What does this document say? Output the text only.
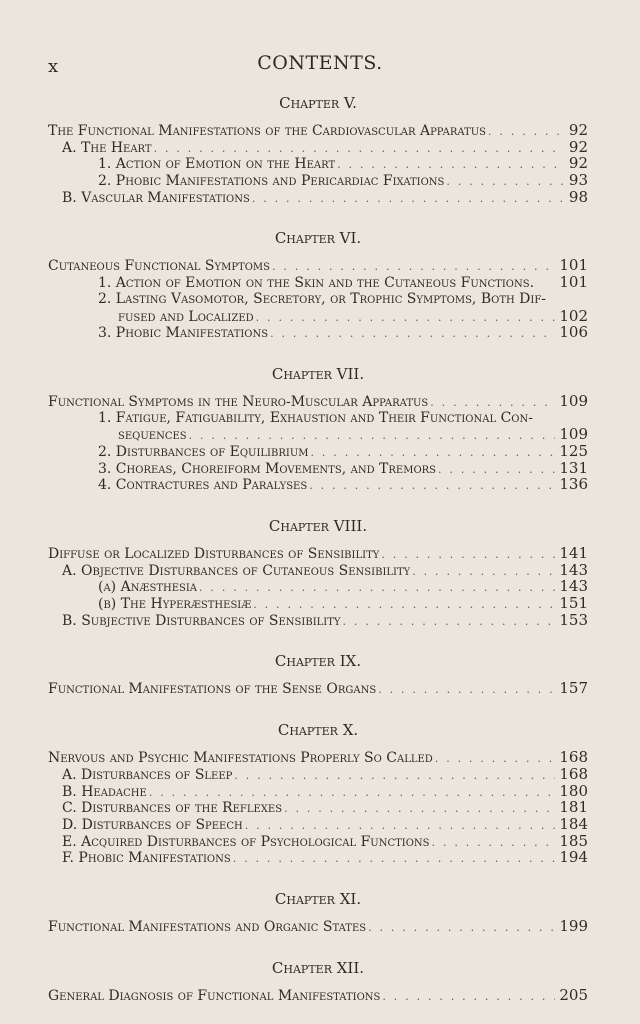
x	CONTENTS.
Chapter V.
The Functional Manifestations of the Cardiovascular Apparatus . . .	92
A. The Heart . . .	92
1. Action of Emotion on the Heart . . .	92
2. Phobic Manifestations and Pericardiac Fixations . . .	93
B. Vascular Manifestations . . .	98
Chapter VI.
Cutaneous Functional Symptoms . . .	101
1. Action of Emotion on the Skin and the Cutaneous Functions. 101
2. Lasting Vasomotor, Secretory, or Trophic Symptoms, Both Dif-
fused and Localized . . .	102
3. Phobic Manifestations . . .	106
Chapter VII.
Functional Symptoms in the Neuro-Muscular Apparatus . . .	109
1. Fatigue, Fatiguability, Exhaustion and Their Functional Con-
sequences . . .	109
2. Disturbances of Equilibrium . . .	125
3. Choreas, Choreiform Movements, and Tremors . . .	131
4. Contractures and Paralyses . . .	136
Chapter VIII.
Diffuse or Localized Disturbances of Sensibility . . .	141
A. Objective Disturbances of Cutaneous Sensibility . . .	143
(a) Anæsthesia . . .	143
(b) The Hyperæsthesiæ . . .	151
B. Subjective Disturbances of Sensibility . . .	153
Chapter IX.
Functional Manifestations of the Sense Organs . . .	157
Chapter X.
Nervous and Psychic Manifestations Properly So Called . . .	168
A. Disturbances of Sleep . . .	168
B. Headache . . .	180
C. Disturbances of the Reflexes . . .	181
D. Disturbances of Speech . . .	184
E. Acquired Disturbances of Psychological Functions . . .	185
F. Phobic Manifestations . . .	194
Chapter XI.
Functional Manifestations and Organic States . . .	199
Chapter XII.
General Diagnosis of Functional Manifestations . . .	205
